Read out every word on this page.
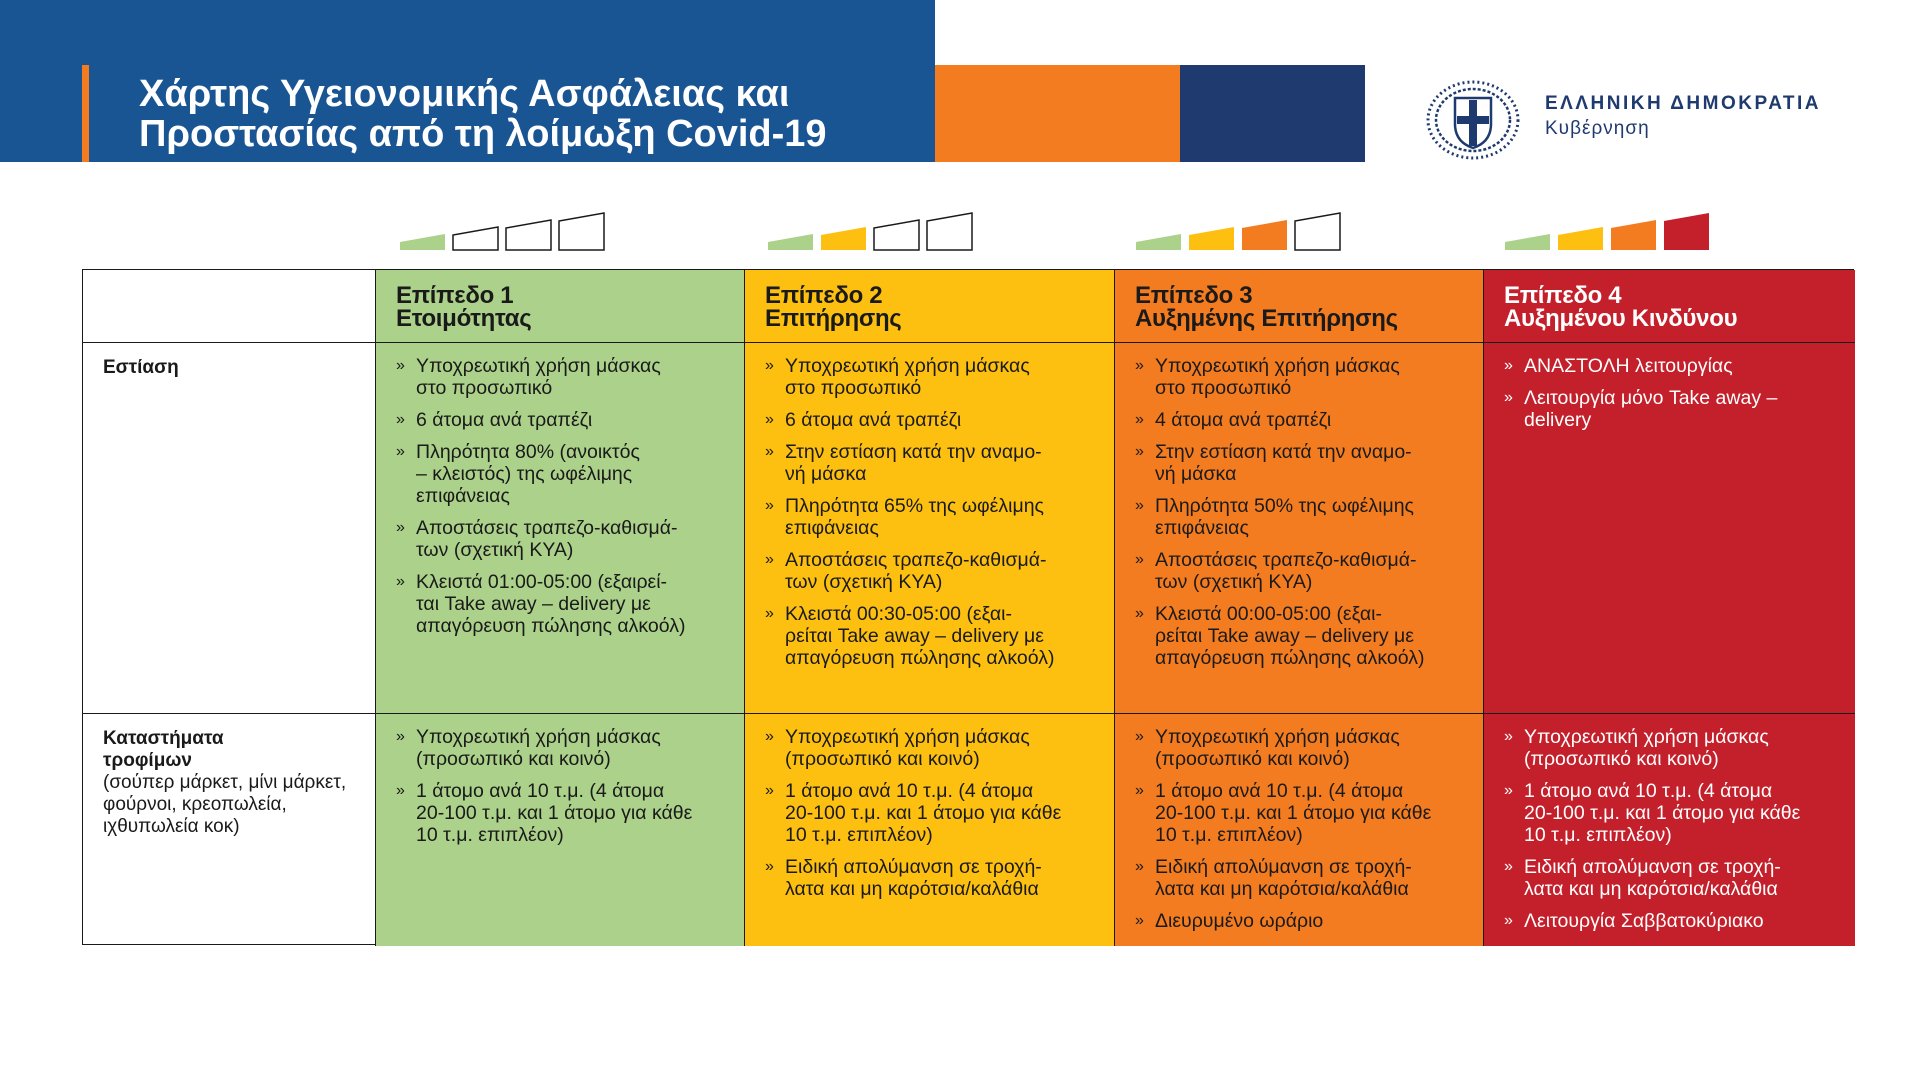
Χάρτης Υγειονομικής Ασφάλειας και
Προστασίας από τη λοίμωξη Covid-19
ΕΛΛΗΝΙΚΗ ΔΗΜΟΚΡΑΤΙΑ
Κυβέρνηση
Επίπεδο 1
Ετοιμότητας
Επίπεδο 2
Επιτήρησης
Επίπεδο 3
Αυξημένης Επιτήρησης
Επίπεδο 4
Αυξημένου Κινδύνου
Εστίαση	» Υποχρεωτική χρήση μάσκας
στο προσωπικό
» 6 άτομα ανά τραπέζι
» Πληρότητα 80% (ανοικτός
– κλειστός) της ωφέλιμης
επιφάνειας
» Αποστάσεις τραπεζο-καθισμά-
των (σχετική ΚΥΑ)
» Κλειστά 01:00-05:00 (εξαιρεί-
ται Take away – delivery με
απαγόρευση πώλησης αλκοόλ)
» Υποχρεωτική χρήση μάσκας
στο προσωπικό
» 6 άτομα ανά τραπέζι
» Στην εστίαση κατά την αναμο-
νή μάσκα
» Πληρότητα 65% της ωφέλιμης
επιφάνειας
» Αποστάσεις τραπεζο-καθισμά-
των (σχετική ΚΥΑ)
» Κλειστά 00:30-05:00 (εξαι-
ρείται Take away – delivery με
απαγόρευση πώλησης αλκοόλ)
» Υποχρεωτική χρήση μάσκας
στο προσωπικό
» 4 άτομα ανά τραπέζι
» Στην εστίαση κατά την αναμο-
νή μάσκα
» Πληρότητα 50% της ωφέλιμης
επιφάνειας
» Αποστάσεις τραπεζο-καθισμά-
των (σχετική ΚΥΑ)
» Κλειστά 00:00-05:00 (εξαι-
ρείται Take away – delivery με
απαγόρευση πώλησης αλκοόλ)
» ΑΝΑΣΤΟΛΗ λειτουργίας
» Λειτουργία μόνο Take away –
delivery
Καταστήματα
τροφίμων
(σούπερ μάρκετ, μίνι μάρκετ, φούρνοι, κρεοπωλεία, ιχθυπωλεία κοκ)
» Υποχρεωτική χρήση μάσκας
(προσωπικό και κοινό)
» 1 άτομο ανά 10 τ.μ. (4 άτομα
20-100 τ.μ. και 1 άτομο για κάθε
10 τ.μ. επιπλέον)
» Υποχρεωτική χρήση μάσκας
(προσωπικό και κοινό)
» 1 άτομο ανά 10 τ.μ. (4 άτομα
20-100 τ.μ. και 1 άτομο για κάθε
10 τ.μ. επιπλέον)
» Ειδική απολύμανση σε τροχή-
λατα και μη καρότσια/καλάθια
» Υποχρεωτική χρήση μάσκας
(προσωπικό και κοινό)
» 1 άτομο ανά 10 τ.μ. (4 άτομα
20-100 τ.μ. και 1 άτομο για κάθε
10 τ.μ. επιπλέον)
» Ειδική απολύμανση σε τροχή-
λατα και μη καρότσια/καλάθια
» Διευρυμένο ωράριο
» Υποχρεωτική χρήση μάσκας
(προσωπικό και κοινό)
» 1 άτομο ανά 10 τ.μ. (4 άτομα
20-100 τ.μ. και 1 άτομο για κάθε
10 τ.μ. επιπλέον)
» Ειδική απολύμανση σε τροχή-
λατα και μη καρότσια/καλάθια
» Λειτουργία Σαββατοκύριακο
